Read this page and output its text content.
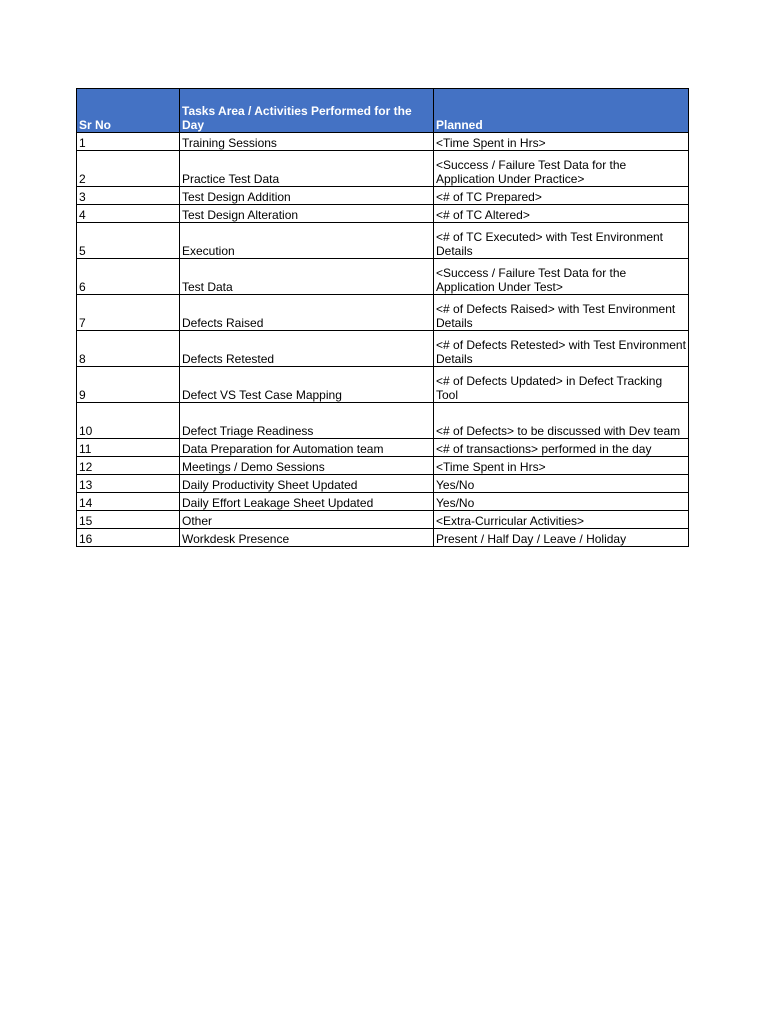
Sr No	Tasks Area / Activities Performed for the Day	Planned
1	Training Sessions	<Time Spent in Hrs>
2	Practice Test Data	<Success / Failure Test Data for the Application Under Practice>
3	Test Design Addition	<# of TC Prepared>
4	Test Design Alteration	<# of TC Altered>
5	Execution	<# of TC Executed> with Test Environment Details
6	Test Data	<Success / Failure Test Data for the Application Under Test>
7	Defects Raised	<# of Defects Raised> with Test Environment Details
8	Defects Retested	<# of Defects Retested> with Test Environment Details
9	Defect VS Test Case Mapping	<# of Defects Updated> in Defect Tracking Tool
10	Defect Triage Readiness	<# of Defects> to be discussed with Dev team
11	Data Preparation for Automation team	<# of transactions> performed in the day
12	Meetings / Demo Sessions	<Time Spent in Hrs>
13	Daily Productivity Sheet Updated	Yes/No
14	Daily Effort Leakage Sheet Updated	Yes/No
15	Other	<Extra-Curricular Activities>
16	Workdesk Presence	Present / Half Day / Leave / Holiday
